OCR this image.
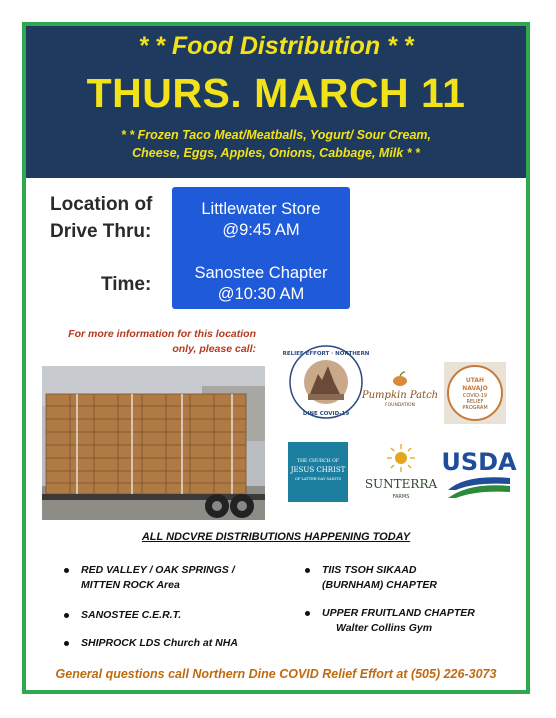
* * Food Distribution * *
THURS. MARCH 11
* * Frozen Taco Meat/Meatballs, Yogurt/ Sour Cream,
Cheese, Eggs, Apples, Onions, Cabbage, Milk * *
Location of
Drive Thru:
Time:
Littlewater Store
@9:45 AM
Sanostee Chapter
@10:30 AM
For more information for this location
only, please call:	RELIEF EFFORT · NORTHERN
DINE COVID-19
Pumpkin Patch
FOUNDATION
UTAH
NAVAJO
COVID-19
RELIEF
PROGRAM
THE CHURCH OF
JESUS CHRIST
OF LATTER-DAY SAINTS SUNTERRA
FARMS
USDA
ALL NDCVRE DISTRIBUTIONS HAPPENING TODAY
RED VALLEY / OAK SPRINGS /
MITTEN ROCK Area
SANOSTEE C.E.R.T.
SHIPROCK LDS Church at NHA
TIIS TSOH SIKAAD
(BURNHAM) CHAPTER
UPPER FRUITLAND CHAPTER
Walter Collins Gym
General questions call Northern Dine COVID Relief Effort at (505) 226-3073
